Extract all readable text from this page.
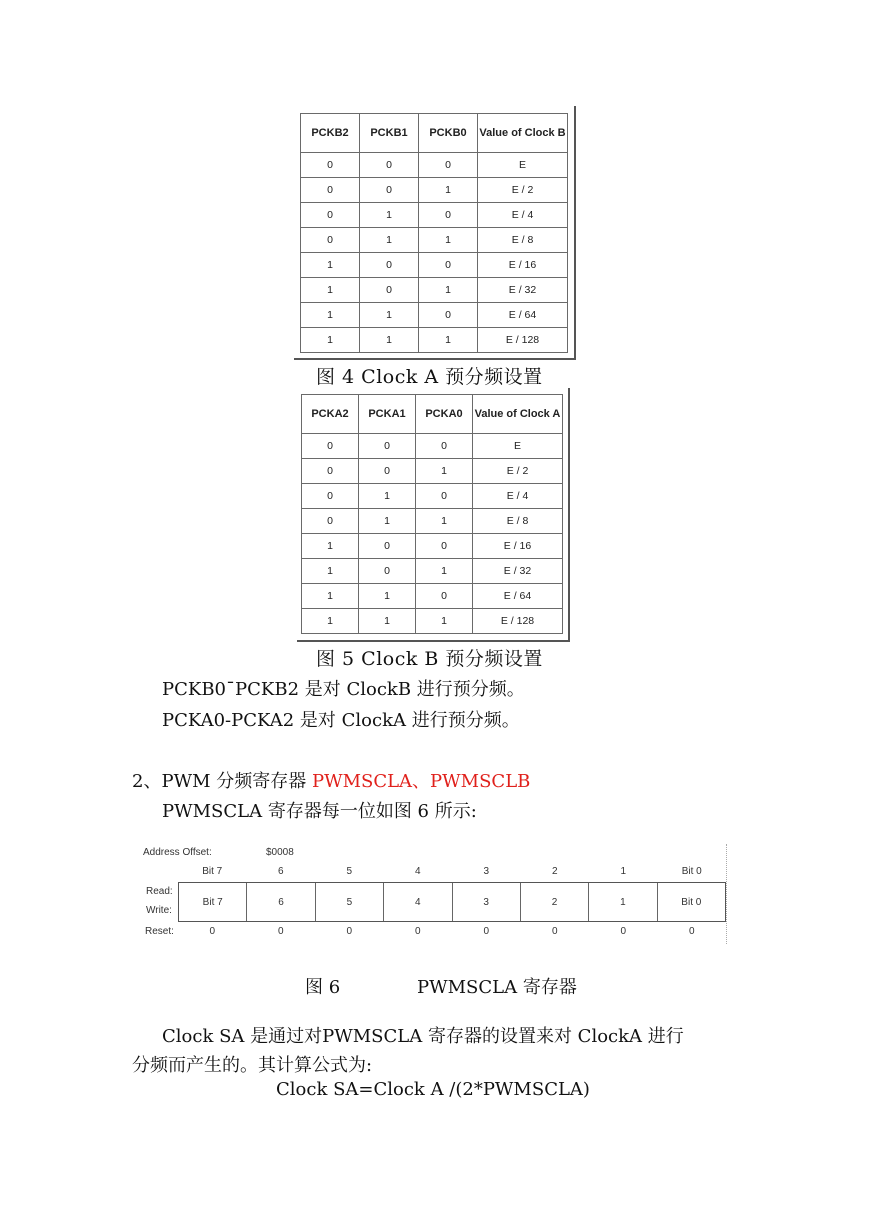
PCKB2	PCKB1	PCKB0	Value of Clock B
0	0	0	E
0	0	1	E / 2
0	1	0	E / 4
0	1	1	E / 8
1	0	0	E / 16
1	0	1	E / 32
1	1	0	E / 64
1	1	1	E / 128
图 4 Clock A 预分频设置
PCKA2	PCKA1	PCKA0	Value of Clock A
0	0	0	E
0	0	1	E / 2
0	1	0	E / 4
0	1	1	E / 8
1	0	0	E / 16
1	0	1	E / 32
1	1	0	E / 64
1	1	1	E / 128
图 5 Clock B 预分频设置
PCKB0¯PCKB2 是对 ClockB 进行预分频。
PCKA0-PCKA2 是对 ClockA 进行预分频。
2、PWM 分频寄存器 PWMSCLA、PWMSCLB
PWMSCLA 寄存器每一位如图 6 所示:
Address Offset:	$0008
Bit 7	6	5	4	3	2	1	Bit 0
Read:
Write:
Bit 7	6	5	4	3	2	1	Bit 0
Reset:	0	0	0	0	0	0	0	0
图 6	PWMSCLA 寄存器
Clock SA 是通过对PWMSCLA 寄存器的设置来对 ClockA 进行
分频而产生的。其计算公式为:
Clock SA=Clock A /(2*PWMSCLA)
